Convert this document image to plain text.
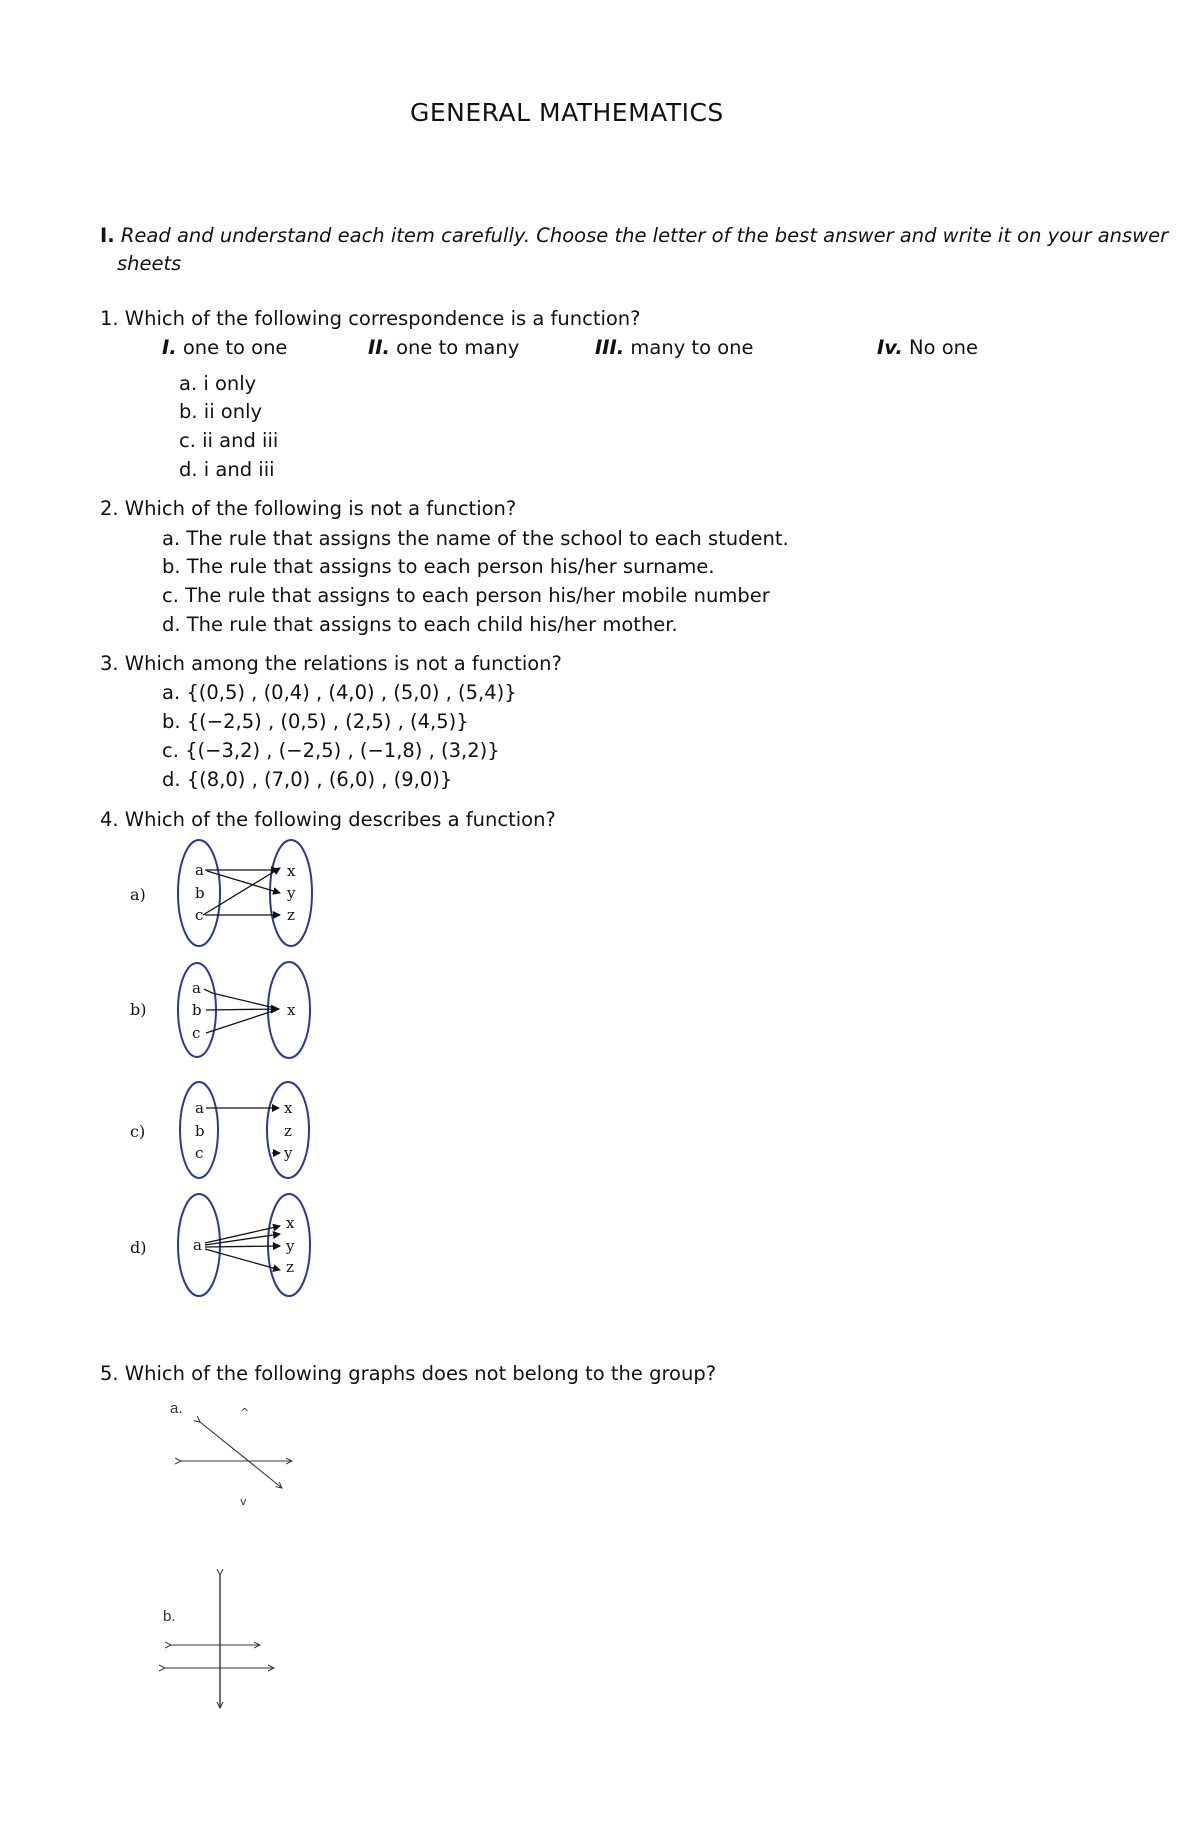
GENERAL MATHEMATICS
I. Read and understand each item carefully. Choose the letter of the best answer and write it on your answer
sheets
1. Which of the following correspondence is a function?
I. one to one	II. one to many	III. many to one	Iv. No one
a. i only
b. ii only
c. ii and iii
d. i and iii
2. Which of the following is not a function?
a. The rule that assigns the name of the school to each student.
b. The rule that assigns to each person his/her surname.
c. The rule that assigns to each person his/her mobile number
d. The rule that assigns to each child his/her mother.
3. Which among the relations is not a function?
a. {(0,5) , (0,4) , (4,0) , (5,0) , (5,4)}
b. {(−2,5) , (0,5) , (2,5) , (4,5)}
c. {(−3,2) , (−2,5) , (−1,8) , (3,2)}
d. {(8,0) , (7,0) , (6,0) , (9,0)}
4. Which of the following describes a function?
a)
b)
c)
d)
a
b
c
x
y
z
a
b
c
x
a
b
c
x
z
y
a
x
y
z
5. Which of the following graphs does not belong to the group?
a.
b.
^
v
